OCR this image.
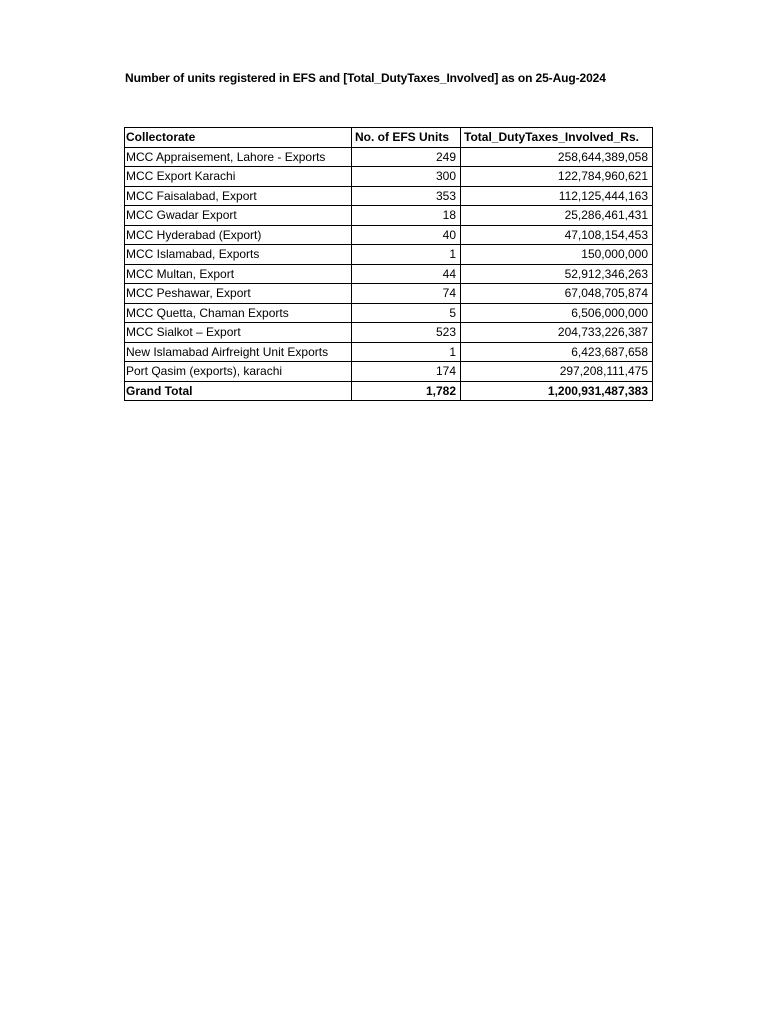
Number of units registered in EFS and [Total_DutyTaxes_Involved] as on 25-Aug-2024
Collectorate	No. of EFS Units	Total_DutyTaxes_Involved_Rs.
MCC Appraisement, Lahore - Exports	249	258,644,389,058
MCC Export Karachi	300	122,784,960,621
MCC Faisalabad, Export	353	112,125,444,163
MCC Gwadar Export	18	25,286,461,431
MCC Hyderabad (Export)	40	47,108,154,453
MCC Islamabad, Exports	1	150,000,000
MCC Multan, Export	44	52,912,346,263
MCC Peshawar, Export	74	67,048,705,874
MCC Quetta, Chaman Exports	5	6,506,000,000
MCC Sialkot – Export	523	204,733,226,387
New Islamabad Airfreight Unit Exports	1	6,423,687,658
Port Qasim (exports), karachi	174	297,208,111,475
Grand Total	1,782	1,200,931,487,383
